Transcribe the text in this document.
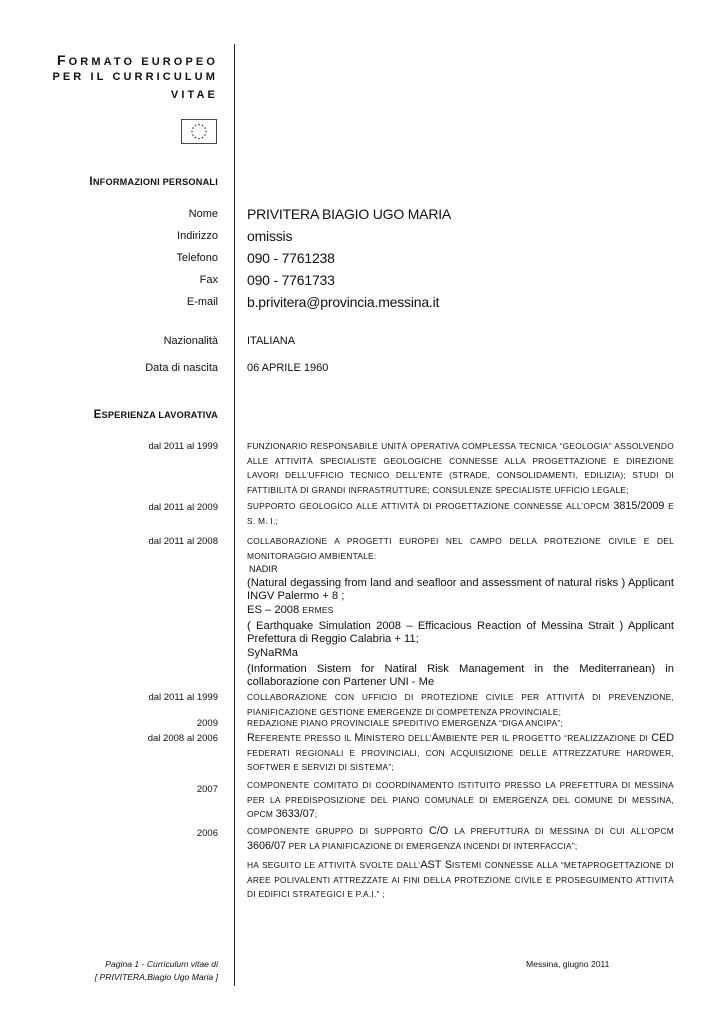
FORMATO EUROPEO
PER IL CURRICULUM
VITAE
INFORMAZIONI PERSONALI
Nome PRIVITERA BIAGIO UGO MARIA
Indirizzo omissis
Telefono 090 - 7761238
Fax 090 - 7761733
E-mail b.privitera@provincia.messina.it
Nazionalità	ITALIANA
Data di nascita	06 APRILE 1960
ESPERIENZA LAVORATIVA
dal 2011 al 1999	FUNZIONARIO RESPONSABILE UNITÀ OPERATIVA COMPLESSA TECNICA “GEOLOGIA” ASSOLVENDO ALLE ATTIVITÀ SPECIALISTE GEOLOGICHE CONNESSE ALLA PROGETTAZIONE E DIREZIONE LAVORI DELL’UFFICIO TECNICO DELL’ENTE (STRADE, CONSOLIDAMENTI, EDILIZIA); STUDI DI FATTIBILITÀ DI GRANDI INFRASTRUTTURE; CONSULENZE SPECIALISTE UFFICIO LEGALE;
dal 2011 al 2009	SUPPORTO GEOLOGICO ALLE ATTIVITÀ DI PROGETTAZIONE CONNESSE ALL’OPCM 3815/2009 E S. M. I.;
dal 2011 al 2008	COLLABORAZIONE A PROGETTI EUROPEI NEL CAMPO DELLA PROTEZIONE CIVILE E DEL MONITORAGGIO AMBIENTALE:
NADIR
(Natural degassing from land and seafloor and assessment of natural risks ) Applicant INGV Palermo + 8 ;
ES – 2008 ERMES
( Earthquake Simulation 2008 – Efficacious Reaction of Messina Strait ) Applicant Prefettura di Reggio Calabria + 11;
SyNaRMa
(Information Sistem for Natiral Risk Management in the Mediterranean) in collaborazione con Partener UNI - Me
dal 2011 al 1999	COLLABORAZIONE CON UFFICIO DI PROTEZIONE CIVILE PER ATTIVITÀ DI PREVENZIONE, PIANIFICAZIONE GESTIONE EMERGENZE DI COMPETENZA PROVINCIALE;
2009	REDAZIONE PIANO PROVINCIALE SPEDITIVO EMERGENZA “DIGA ANCIPA”;
dal 2008 al 2006	REFERENTE PRESSO IL MINISTERO DELL’AMBIENTE PER IL PROGETTO “REALIZZAZIONE DI CED FEDERATI REGIONALI E PROVINCIALI, CON ACQUISIZIONE DELLE ATTREZZATURE HARDWER, SOFTWER E SERVIZI DI SISTEMA”;
2007	COMPONENTE COMITATO DI COORDINAMENTO ISTITUITO PRESSO LA PREFETTURA DI MESSINA PER LA PREDISPOSIZIONE DEL PIANO COMUNALE DI EMERGENZA DEL COMUNE DI MESSINA, OPCM 3633/07;
2006	COMPONENTE GRUPPO DI SUPPORTO C/O LA PREFUTTURA DI MESSINA DI CUI ALL’OPCM 3606/07 PER LA PIANIFICAZIONE DI EMERGENZA INCENDI DI INTERFACCIA”;
HA SEGUITO LE ATTIVITÀ SVOLTE DALL’AST SISTEMI CONNESSE ALLA “METAPROGETTAZIONE DI AREE POLIVALENTI ATTREZZATE AI FINI DELLA PROTEZIONE CIVILE E PROSEGUIMENTO ATTIVITÀ DI EDIFICI STRATEGICI E P.A.I.” ;
Pagina 1 - Curriculum vitae di
[ PRIVITERA,Biagio Ugo Maria ]
Messina, giugno 2011
